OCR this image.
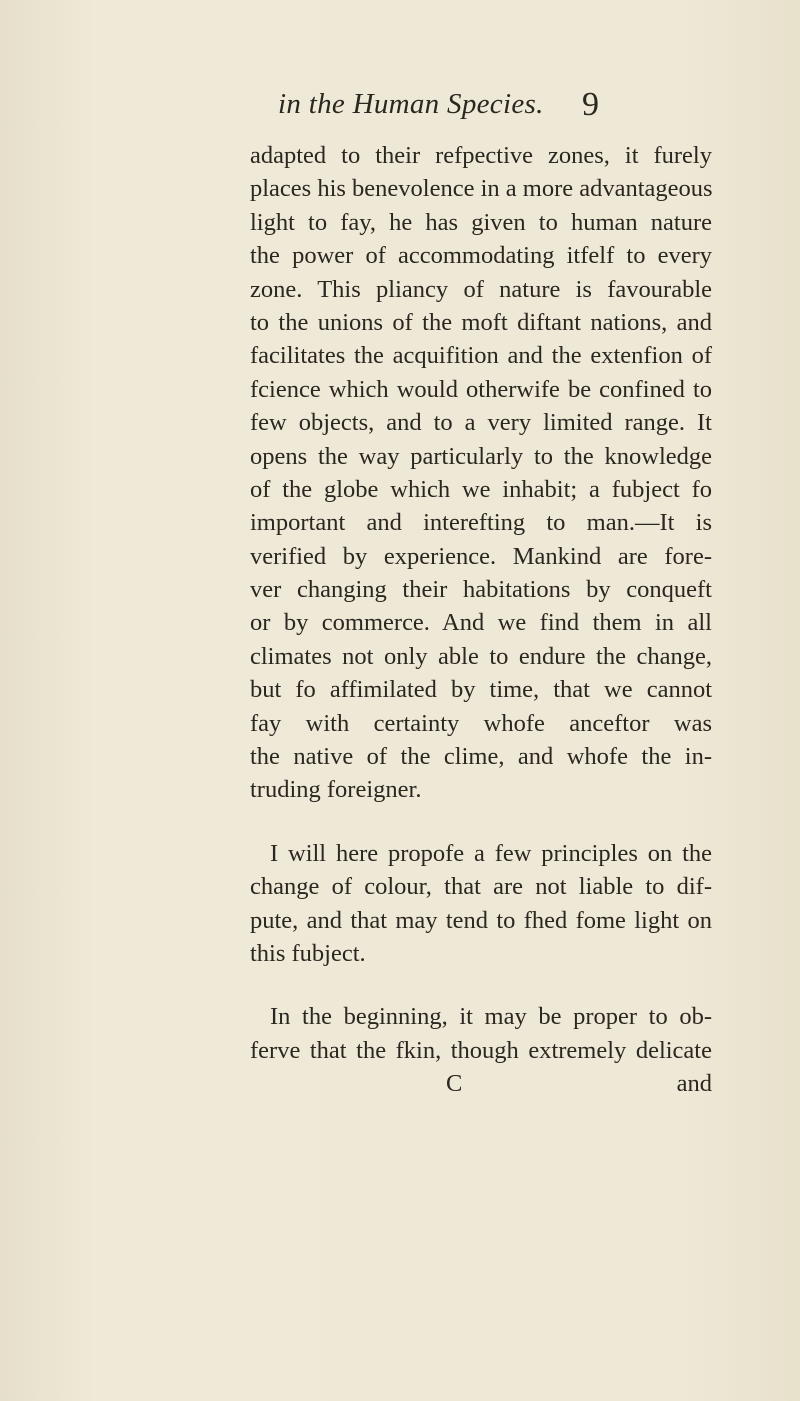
in the Human Species. 9
adapted to their refpective zones, it furely
places his benevolence in a more advantageous
light to fay, he has given to human nature
the power of accommodating itfelf to every
zone. This pliancy of nature is favourable
to the unions of the moft diftant nations, and
facilitates the acquifition and the extenfion of
fcience which would otherwife be confined to
few objects, and to a very limited range. It
opens the way particularly to the knowledge
of the globe which we inhabit; a fubject fo
important and interefting to man.—It is
verified by experience. Mankind are fore-
ver changing their habitations by conqueft
or by commerce. And we find them in all
climates not only able to endure the change,
but fo affimilated by time, that we cannot
fay with certainty whofe anceftor was
the native of the clime, and whofe the in-
truding foreigner.
I will here propofe a few principles on the
change of colour, that are not liable to dif-
pute, and that may tend to fhed fome light on
this fubject.
In the beginning, it may be proper to ob-
ferve that the fkin, though extremely delicate
C	and
